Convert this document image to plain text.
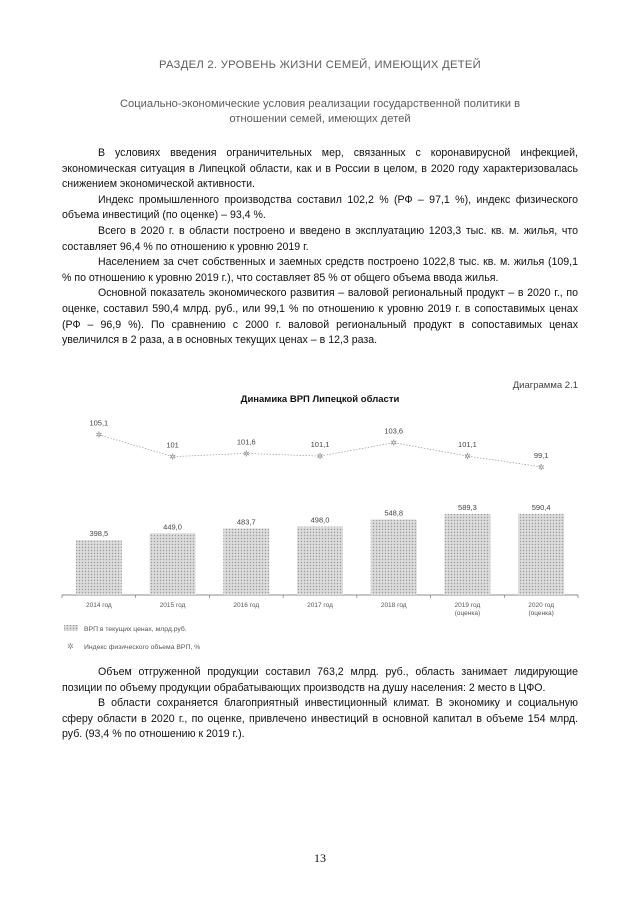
РАЗДЕЛ 2. УРОВЕНЬ ЖИЗНИ СЕМЕЙ, ИМЕЮЩИХ ДЕТЕЙ
Социально-экономические условия реализации государственной политики в отношении семей, имеющих детей

В условиях введения ограничительных мер, связанных с коронавирусной инфекцией, экономическая ситуация в Липецкой области, как и в России в целом, в 2020 году характеризовалась снижением экономической активности.

Индекс промышленного производства составил 102,2 % (РФ – 97,1 %), индекс физического объема инвестиций (по оценке) – 93,4 %.

Всего в 2020 г. в области построено и введено в эксплуатацию 1203,3 тыс. кв. м. жилья, что составляет 96,4 % по отношению к уровню 2019 г.

Населением за счет собственных и заемных средств построено 1022,8 тыс. кв. м. жилья (109,1 % по отношению к уровню 2019 г.), что составляет 85 % от общего объема ввода жилья.

Основной показатель экономического развития – валовой региональный продукт – в 2020 г., по оценке, составил 590,4 млрд. руб., или 99,1 % по отношению к уровню 2019 г. в сопоставимых ценах (РФ – 96,9 %). По сравнению с 2000 г. валовой региональный продукт в сопоставимых ценах увеличился в 2 раза, а в основных текущих ценах – в 12,3 раза.

Диаграмма 2.1
Динамика ВРП Липецкой области
398,5
2014 год
449,0
2015 год
483,7
2016 год
498,0
2017 год
548,8
2018 год
589,3
2019 год
(оценка)
590,4
2020 год
(оценка)
✲
105,1
✲
101
✲
101,6
✲
101,1	✲
103,6
✲
101,1
✲
99,1
ВРП в текущих ценах, млрд.руб.
✲ Индекс физического объема ВРП, %

Объем отгруженной продукции составил 763,2 млрд. руб., область занимает лидирующие позиции по объему продукции обрабатывающих производств на душу населения: 2 место в ЦФО.

В области сохраняется благоприятный инвестиционный климат. В экономику и социальную сферу области в 2020 г., по оценке, привлечено инвестиций в основной капитал в объеме 154 млрд. руб. (93,4 % по отношению к 2019 г.).

13
